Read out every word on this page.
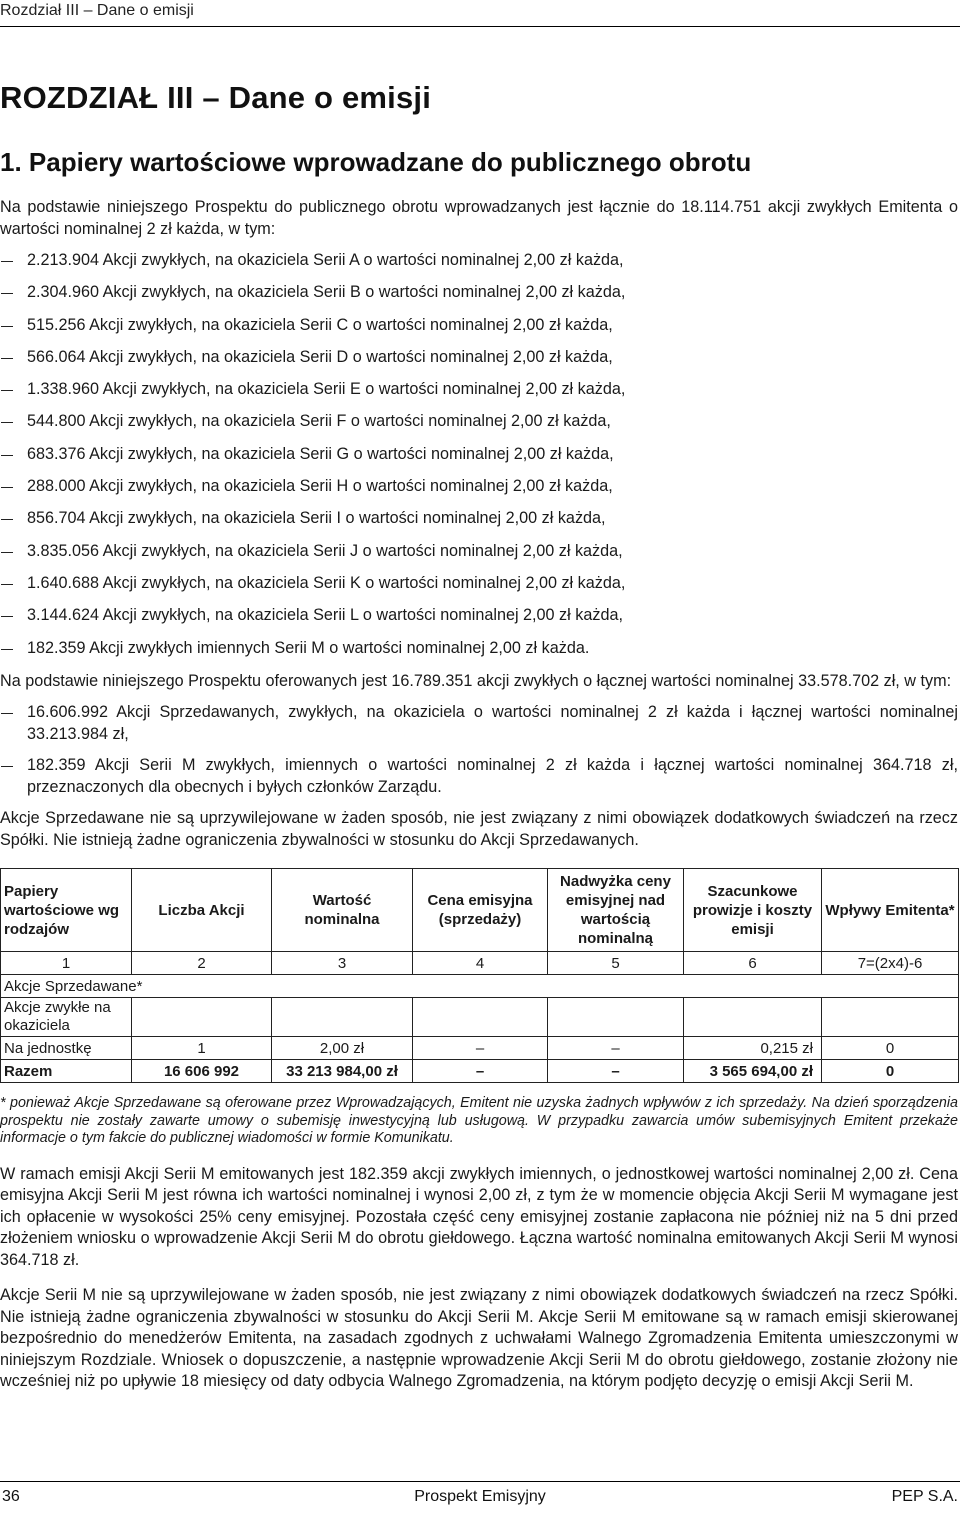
Rozdział III – Dane o emisji
ROZDZIAŁ III – Dane o emisji
1. Papiery wartościowe wprowadzane do publicznego obrotu

Na podstawie niniejszego Prospektu do publicznego obrotu wprowadzanych jest łącznie do 18.114.751 akcji zwykłych Emitenta o wartości nominalnej 2 zł każda, w tym:

2.213.904 Akcji zwykłych, na okaziciela Serii A o wartości nominalnej 2,00 zł każda,
2.304.960 Akcji zwykłych, na okaziciela Serii B o wartości nominalnej 2,00 zł każda,
515.256 Akcji zwykłych, na okaziciela Serii C o wartości nominalnej 2,00 zł każda,
566.064 Akcji zwykłych, na okaziciela Serii D o wartości nominalnej 2,00 zł każda,
1.338.960 Akcji zwykłych, na okaziciela Serii E o wartości nominalnej 2,00 zł każda,
544.800 Akcji zwykłych, na okaziciela Serii F o wartości nominalnej 2,00 zł każda,
683.376 Akcji zwykłych, na okaziciela Serii G o wartości nominalnej 2,00 zł każda,
288.000 Akcji zwykłych, na okaziciela Serii H o wartości nominalnej 2,00 zł każda,
856.704 Akcji zwykłych, na okaziciela Serii I o wartości nominalnej 2,00 zł każda,
3.835.056 Akcji zwykłych, na okaziciela Serii J o wartości nominalnej 2,00 zł każda,
1.640.688 Akcji zwykłych, na okaziciela Serii K o wartości nominalnej 2,00 zł każda,
3.144.624 Akcji zwykłych, na okaziciela Serii L o wartości nominalnej 2,00 zł każda,
182.359 Akcji zwykłych imiennych Serii M o wartości nominalnej 2,00 zł każda.

Na podstawie niniejszego Prospektu oferowanych jest 16.789.351 akcji zwykłych o łącznej wartości nominalnej 33.578.702 zł, w tym:

16.606.992 Akcji Sprzedawanych, zwykłych, na okaziciela o wartości nominalnej 2 zł każda i łącznej wartości nominalnej 33.213.984 zł,
182.359 Akcji Serii M zwykłych, imiennych o wartości nominalnej 2 zł każda i łącznej wartości nominalnej 364.718 zł, przeznaczonych dla obecnych i byłych członków Zarządu.

Akcje Sprzedawane nie są uprzywilejowane w żaden sposób, nie jest związany z nimi obowiązek dodatkowych świadczeń na rzecz Spółki. Nie istnieją żadne ograniczenia zbywalności w stosunku do Akcji Sprzedawanych.

Papiery wartościowe wg rodzajów	Liczba Akcji	Wartość nominalna	Cena emisyjna (sprzedaży)	Nadwyżka ceny emisyjnej nad wartością nominalną	Szacunkowe prowizje i koszty emisji	Wpływy Emitenta*
1	2	3	4	5	6	7=(2x4)-6
Akcje Sprzedawane*						
Akcje zwykłe na okaziciela						
Na jednostkę	1	2,00 zł	–	–	0,215 zł	0
Razem	16 606 992	33 213 984,00 zł	–	–	3 565 694,00 zł	0

* ponieważ Akcje Sprzedawane są oferowane przez Wprowadzających, Emitent nie uzyska żadnych wpływów z ich sprzedaży. Na dzień sporządzenia prospektu nie zostały zawarte umowy o subemisję inwestycyjną lub usługową. W przypadku zawarcia umów subemisyjnych Emitent przekaże informacje o tym fakcie do publicznej wiadomości w formie Komunikatu.

W ramach emisji Akcji Serii M emitowanych jest 182.359 akcji zwykłych imiennych, o jednostkowej wartości nominalnej 2,00 zł. Cena emisyjna Akcji Serii M jest równa ich wartości nominalnej i wynosi 2,00 zł, z tym że w momencie objęcia Akcji Serii M wymagane jest ich opłacenie w wysokości 25% ceny emisyjnej. Pozostała część ceny emisyjnej zostanie zapłacona nie później niż na 5 dni przed złożeniem wniosku o wprowadzenie Akcji Serii M do obrotu giełdowego. Łączna wartość nominalna emitowanych Akcji Serii M wynosi 364.718 zł.

Akcje Serii M nie są uprzywilejowane w żaden sposób, nie jest związany z nimi obowiązek dodatkowych świadczeń na rzecz Spółki. Nie istnieją żadne ograniczenia zbywalności w stosunku do Akcji Serii M. Akcje Serii M emitowane są w ramach emisji skierowanej bezpośrednio do menedżerów Emitenta, na zasadach zgodnych z uchwałami Walnego Zgromadzenia Emitenta umieszczonymi w niniejszym Rozdziale. Wniosek o dopuszczenie, a następnie wprowadzenie Akcji Serii M do obrotu giełdowego, zostanie złożony nie wcześniej niż po upływie 18 miesięcy od daty odbycia Walnego Zgromadzenia, na którym podjęto decyzję o emisji Akcji Serii M.

36	Prospekt Emisyjny	PEP S.A.
